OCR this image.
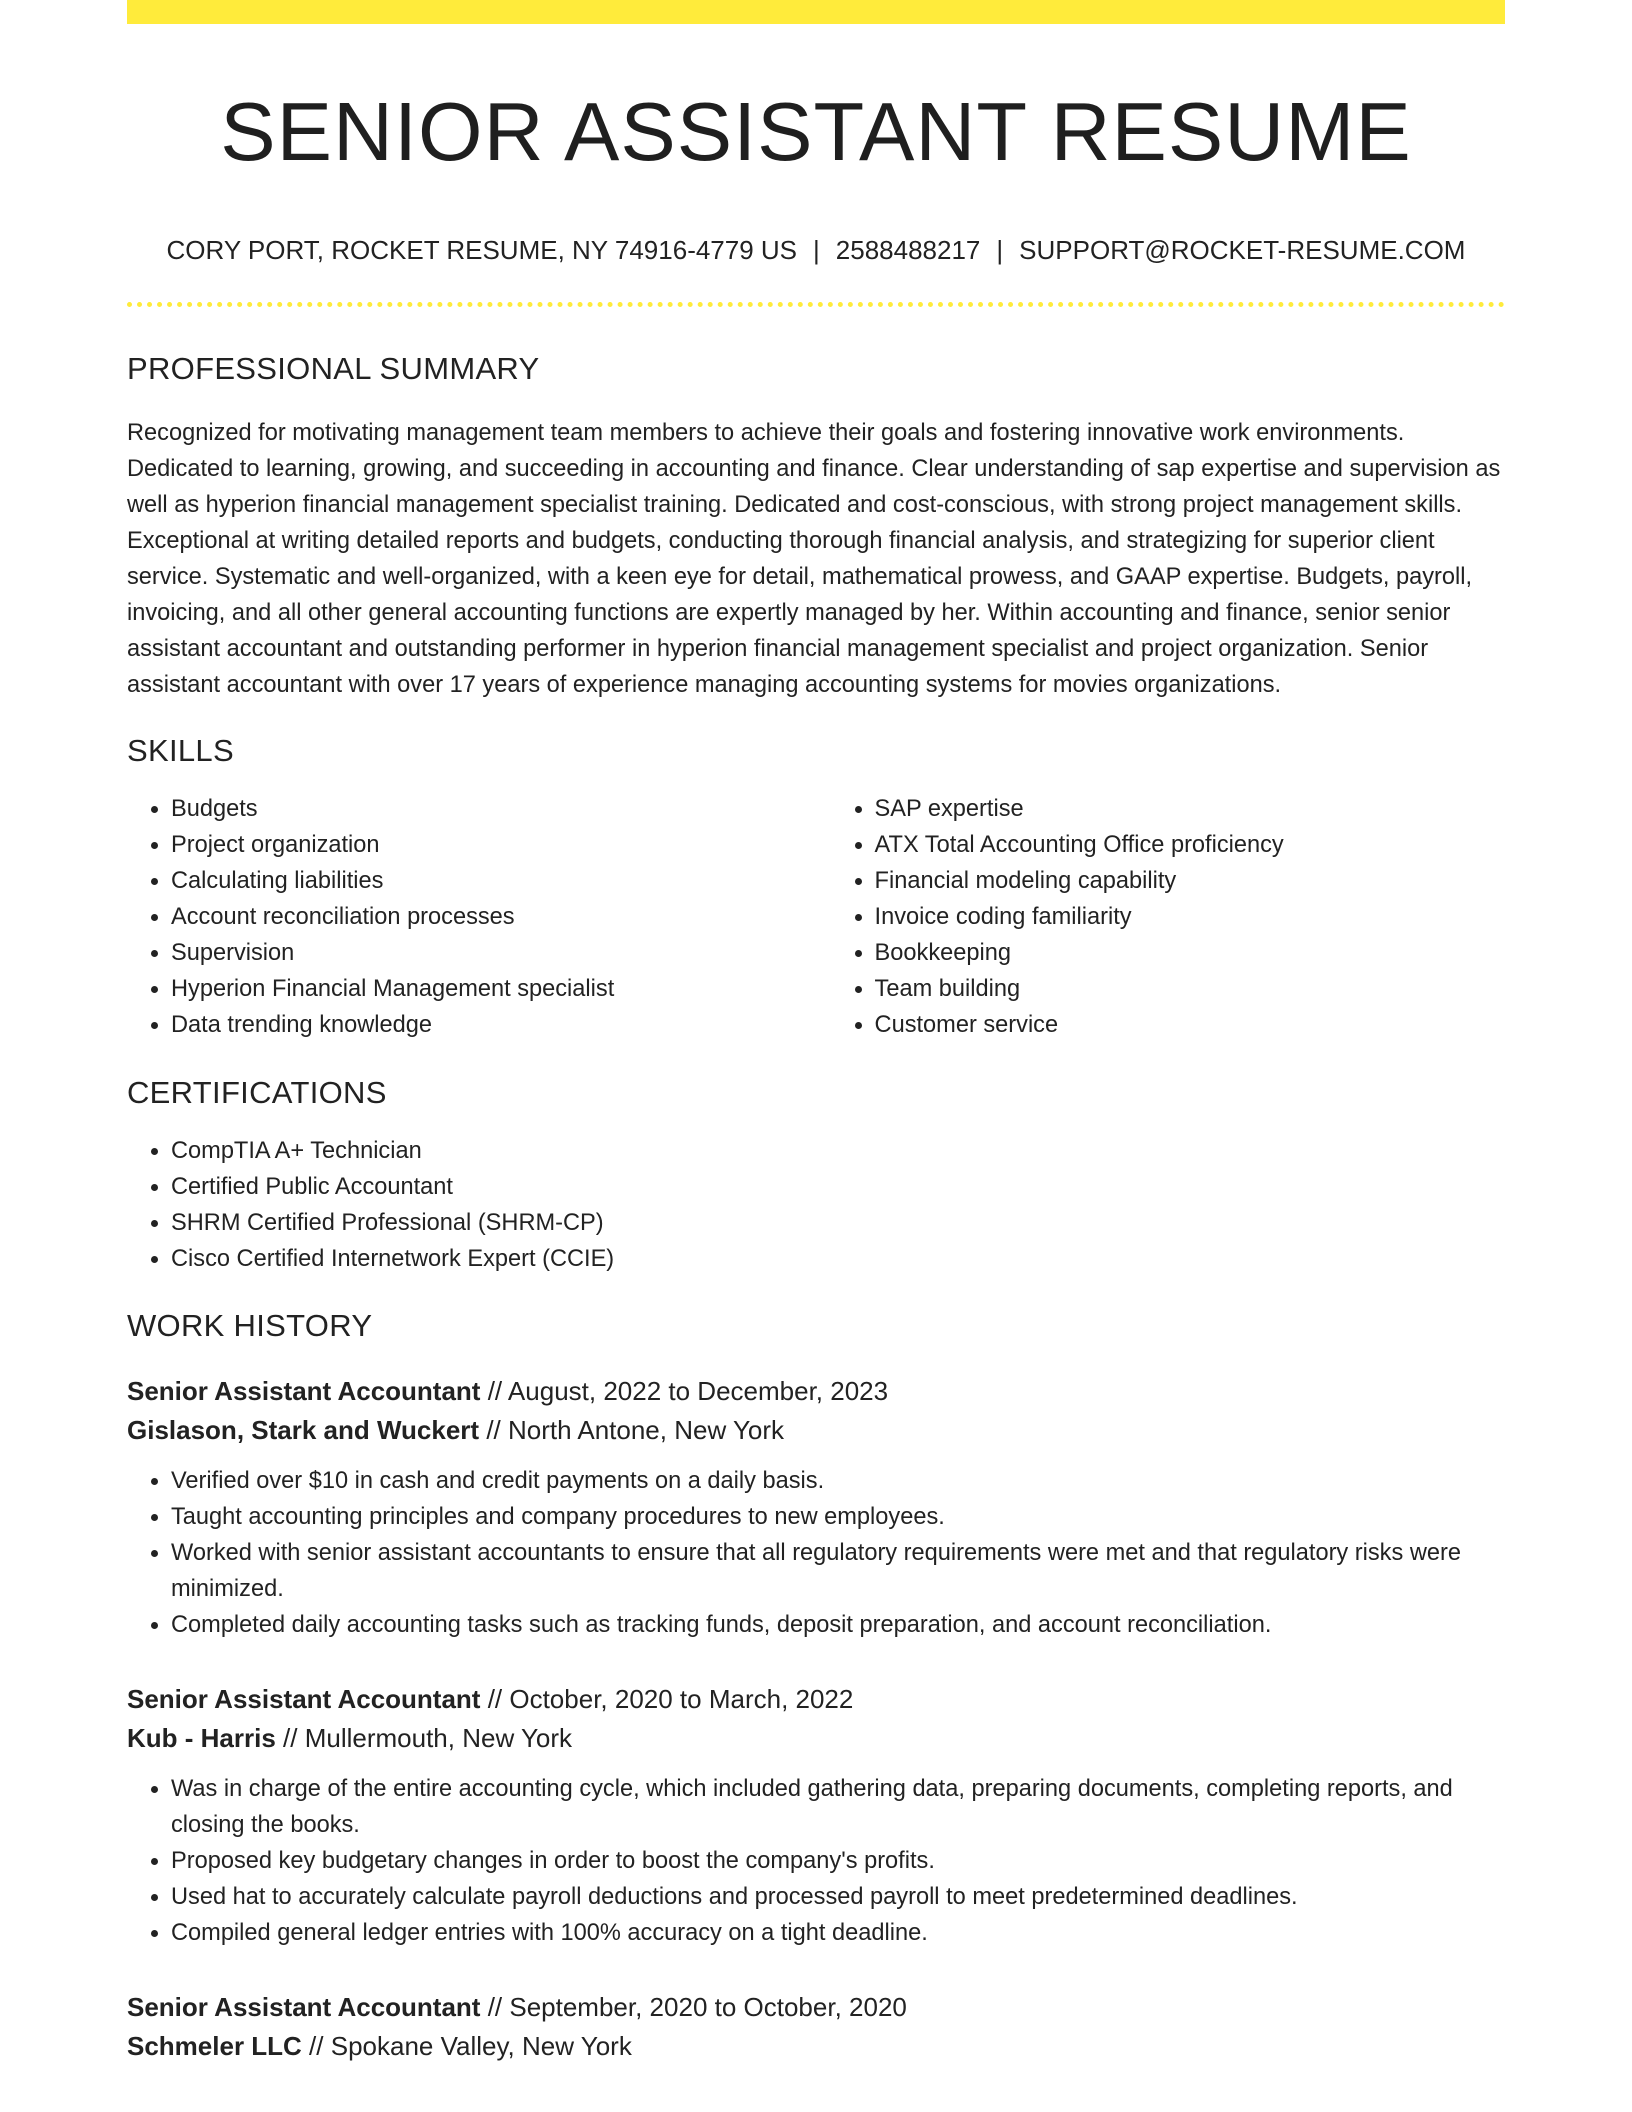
SENIOR ASSISTANT RESUME
CORY PORT, ROCKET RESUME, NY 74916-4779 US | 2588488217 | SUPPORT@ROCKET-RESUME.COM
PROFESSIONAL SUMMARY
Recognized for motivating management team members to achieve their goals and fostering innovative work environments. Dedicated to learning, growing, and succeeding in accounting and finance. Clear understanding of sap expertise and supervision as well as hyperion financial management specialist training. Dedicated and cost-conscious, with strong project management skills. Exceptional at writing detailed reports and budgets, conducting thorough financial analysis, and strategizing for superior client service. Systematic and well-organized, with a keen eye for detail, mathematical prowess, and GAAP expertise. Budgets, payroll, invoicing, and all other general accounting functions are expertly managed by her. Within accounting and finance, senior senior assistant accountant and outstanding performer in hyperion financial management specialist and project organization. Senior assistant accountant with over 17 years of experience managing accounting systems for movies organizations.
SKILLS
• Budgets
• Project organization
• Calculating liabilities
• Account reconciliation processes
• Supervision
• Hyperion Financial Management specialist
• Data trending knowledge
• SAP expertise
• ATX Total Accounting Office proficiency
• Financial modeling capability
• Invoice coding familiarity
• Bookkeeping
• Team building
• Customer service
CERTIFICATIONS
• CompTIA A+ Technician
• Certified Public Accountant
• SHRM Certified Professional (SHRM-CP)
• Cisco Certified Internetwork Expert (CCIE)
WORK HISTORY
Senior Assistant Accountant // August, 2022 to December, 2023
Gislason, Stark and Wuckert // North Antone, New York
• Verified over $10 in cash and credit payments on a daily basis.
• Taught accounting principles and company procedures to new employees.
• Worked with senior assistant accountants to ensure that all regulatory requirements were met and that regulatory risks were minimized.
• Completed daily accounting tasks such as tracking funds, deposit preparation, and account reconciliation.
Senior Assistant Accountant // October, 2020 to March, 2022
Kub - Harris // Mullermouth, New York
• Was in charge of the entire accounting cycle, which included gathering data, preparing documents, completing reports, and closing the books.
• Proposed key budgetary changes in order to boost the company's profits.
• Used hat to accurately calculate payroll deductions and processed payroll to meet predetermined deadlines.
• Compiled general ledger entries with 100% accuracy on a tight deadline.
Senior Assistant Accountant // September, 2020 to October, 2020
Schmeler LLC // Spokane Valley, New York
